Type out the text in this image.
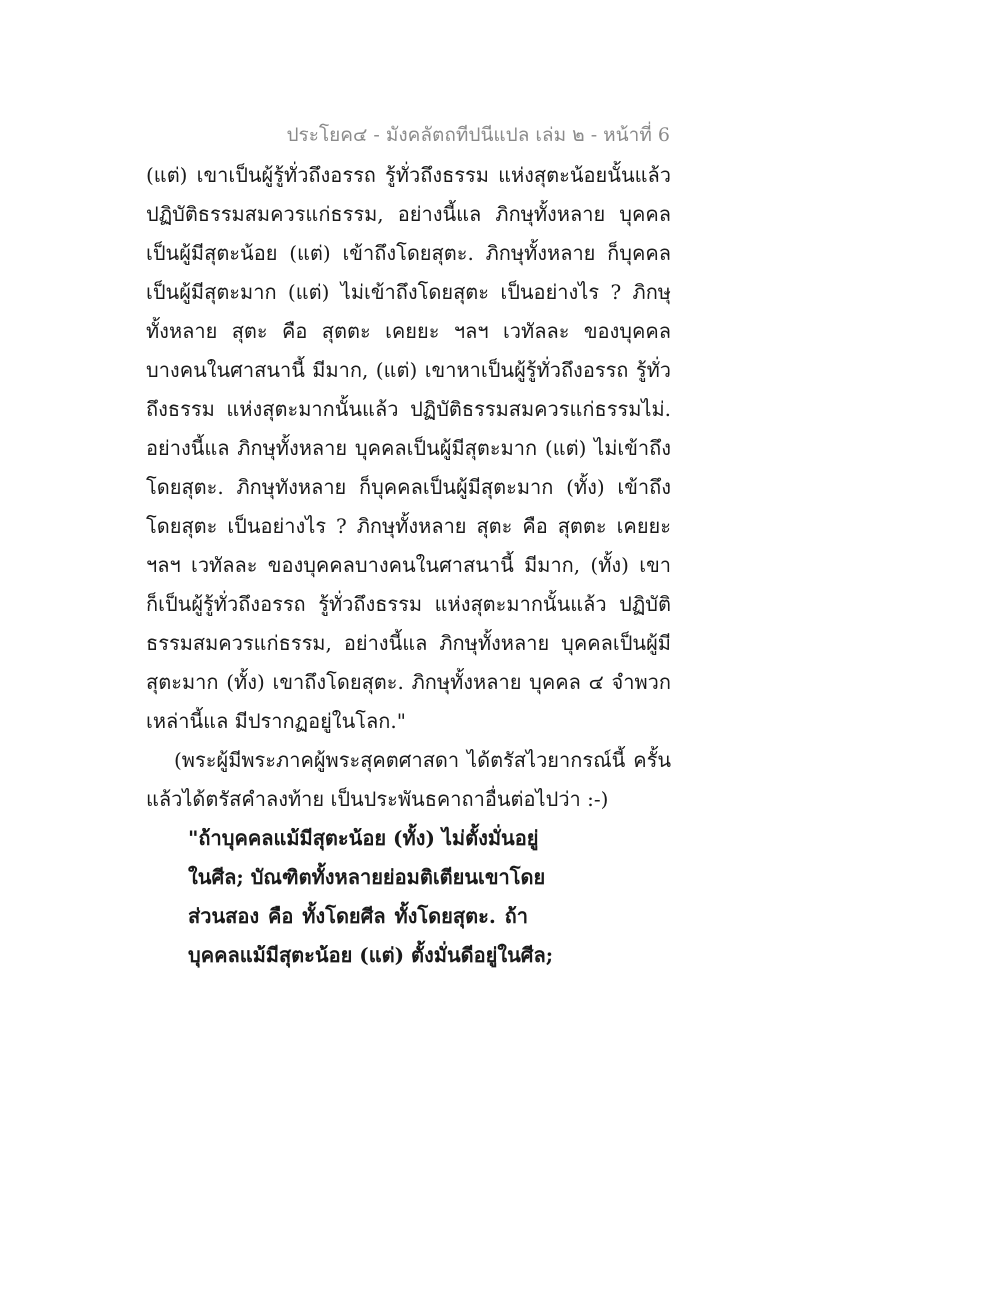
ประโยค๔ - มังคลัตถทีปนีแปล เล่ม ๒ - หน้าที่ 6
(แต่) เขาเป็นผู้รู้ทั่วถึงอรรถ รู้ทั่วถึงธรรม แห่งสุตะน้อยนั้นแล้ว
ปฏิบัติธรรมสมควรแก่ธรรม, อย่างนี้แล ภิกษุทั้งหลาย บุคคล
เป็นผู้มีสุตะน้อย (แต่) เข้าถึงโดยสุตะ. ภิกษุทั้งหลาย ก็บุคคล
เป็นผู้มีสุตะมาก (แต่) ไม่เข้าถึงโดยสุตะ เป็นอย่างไร ? ภิกษุ
ทั้งหลาย สุตะ คือ สุตตะ เคยยะ ฯลฯ เวทัลละ ของบุคคล
บางคนในศาสนานี้ มีมาก, (แต่) เขาหาเป็นผู้รู้ทั่วถึงอรรถ รู้ทั่ว
ถึงธรรม แห่งสุตะมากนั้นแล้ว ปฏิบัติธรรมสมควรแก่ธรรมไม่.
อย่างนี้แล ภิกษุทั้งหลาย บุคคลเป็นผู้มีสุตะมาก (แต่) ไม่เข้าถึง
โดยสุตะ. ภิกษุทังหลาย ก็บุคคลเป็นผู้มีสุตะมาก (ทั้ง) เข้าถึง
โดยสุตะ เป็นอย่างไร ? ภิกษุทั้งหลาย สุตะ คือ สุตตะ เคยยะ
ฯลฯ เวทัลละ ของบุคคลบางคนในศาสนานี้ มีมาก, (ทั้ง) เขา
ก็เป็นผู้รู้ทั่วถึงอรรถ รู้ทั่วถึงธรรม แห่งสุตะมากนั้นแล้ว ปฏิบัติ
ธรรมสมควรแก่ธรรม, อย่างนี้แล ภิกษุทั้งหลาย บุคคลเป็นผู้มี
สุตะมาก (ทั้ง) เขาถึงโดยสุตะ. ภิกษุทั้งหลาย บุคคล ๔ จำพวก
เหล่านี้แล มีปรากฏอยู่ในโลก."
(พระผู้มีพระภาคผู้พระสุคตศาสดา ได้ตรัสไวยากรณ์นี้ ครั้น
แล้วได้ตรัสคำลงท้าย เป็นประพันธคาถาอื่นต่อไปว่า :-)
"ถ้าบุคคลแม้มีสุตะน้อย (ทั้ง) ไม่ตั้งมั่นอยู่
ในศีล; บัณฑิตทั้งหลายย่อมติเตียนเขาโดย
ส่วนสอง คือ ทั้งโดยศีล ทั้งโดยสุตะ. ถ้า
บุคคลแม้มีสุตะน้อย (แต่) ตั้งมั่นดีอยู่ในศีล;
